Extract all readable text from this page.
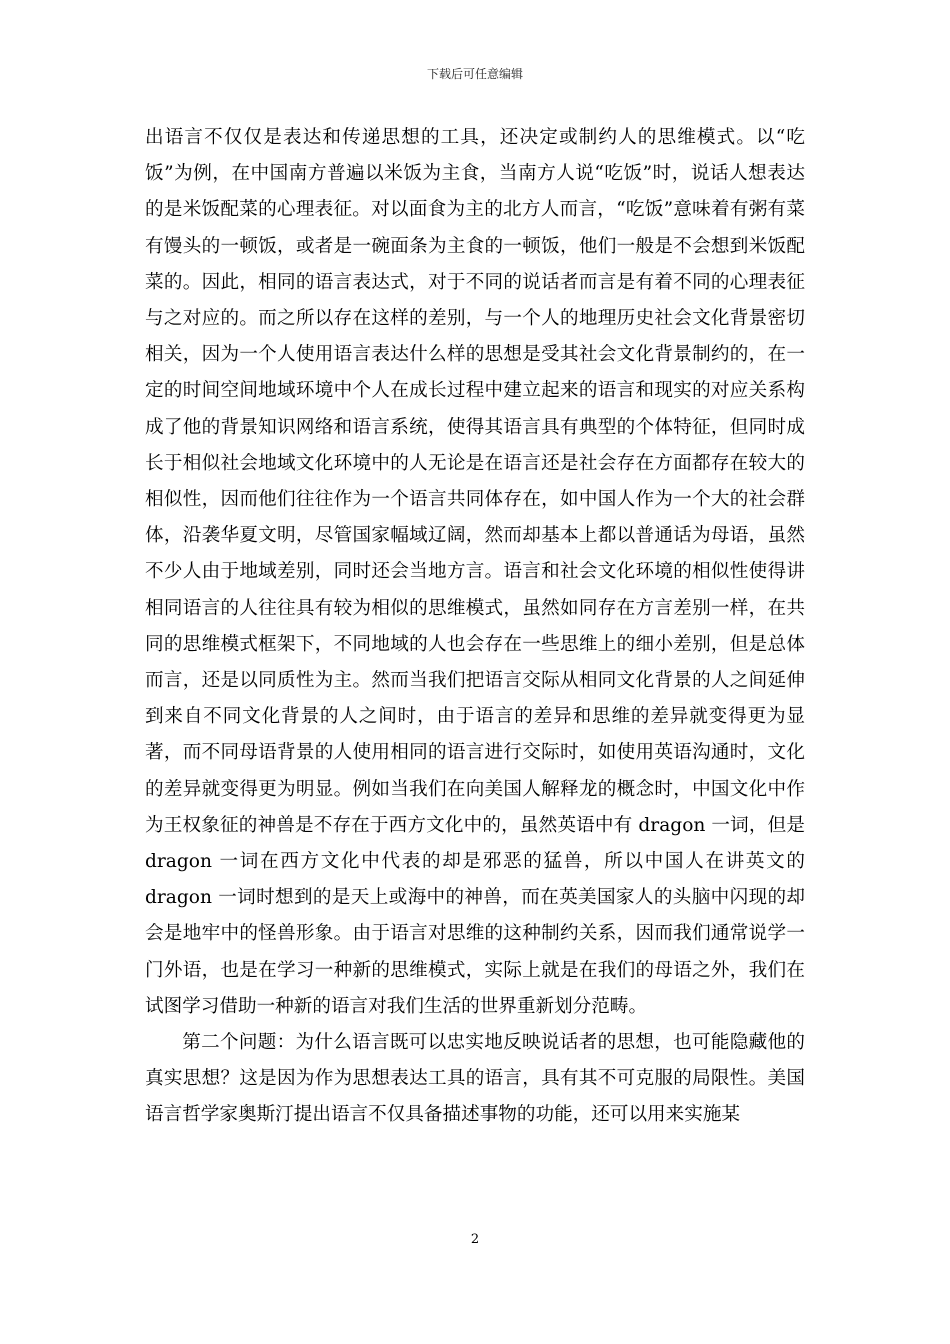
下载后可任意编辑

出语言不仅仅是表达和传递思想的工具，还决定或制约人的思维模式。以“吃饭”为例，在中国南方普遍以米饭为主食，当南方人说“吃饭”时，说话人想表达的是米饭配菜的心理表征。对以面食为主的北方人而言，“吃饭”意味着有粥有菜有馒头的一顿饭，或者是一碗面条为主食的一顿饭，他们一般是不会想到米饭配菜的。因此，相同的语言表达式，对于不同的说话者而言是有着不同的心理表征与之对应的。而之所以存在这样的差别，与一个人的地理历史社会文化背景密切相关，因为一个人使用语言表达什么样的思想是受其社会文化背景制约的，在一定的时间空间地域环境中个人在成长过程中建立起来的语言和现实的对应关系构成了他的背景知识网络和语言系统，使得其语言具有典型的个体特征，但同时成长于相似社会地域文化环境中的人无论是在语言还是社会存在方面都存在较大的相似性，因而他们往往作为一个语言共同体存在，如中国人作为一个大的社会群体，沿袭华夏文明，尽管国家幅域辽阔，然而却基本上都以普通话为母语，虽然不少人由于地域差别，同时还会当地方言。语言和社会文化环境的相似性使得讲相同语言的人往往具有较为相似的思维模式，虽然如同存在方言差别一样，在共同的思维模式框架下，不同地域的人也会存在一些思维上的细小差别，但是总体而言，还是以同质性为主。然而当我们把语言交际从相同文化背景的人之间延伸到来自不同文化背景的人之间时，由于语言的差异和思维的差异就变得更为显著，而不同母语背景的人使用相同的语言进行交际时，如使用英语沟通时，文化的差异就变得更为明显。例如当我们在向美国人解释龙的概念时，中国文化中作为王权象征的神兽是不存在于西方文化中的，虽然英语中有 dragon 一词，但是 dragon 一词在西方文化中代表的却是邪恶的猛兽，所以中国人在讲英文的 dragon 一词时想到的是天上或海中的神兽，而在英美国家人的头脑中闪现的却会是地牢中的怪兽形象。由于语言对思维的这种制约关系，因而我们通常说学一门外语，也是在学习一种新的思维模式，实际上就是在我们的母语之外，我们在试图学习借助一种新的语言对我们生活的世界重新划分范畴。

第二个问题：为什么语言既可以忠实地反映说话者的思想，也可能隐藏他的真实思想？这是因为作为思想表达工具的语言，具有其不可克服的局限性。美国语言哲学家奥斯汀提出语言不仅具备描述事物的功能，还可以用来实施某

2
